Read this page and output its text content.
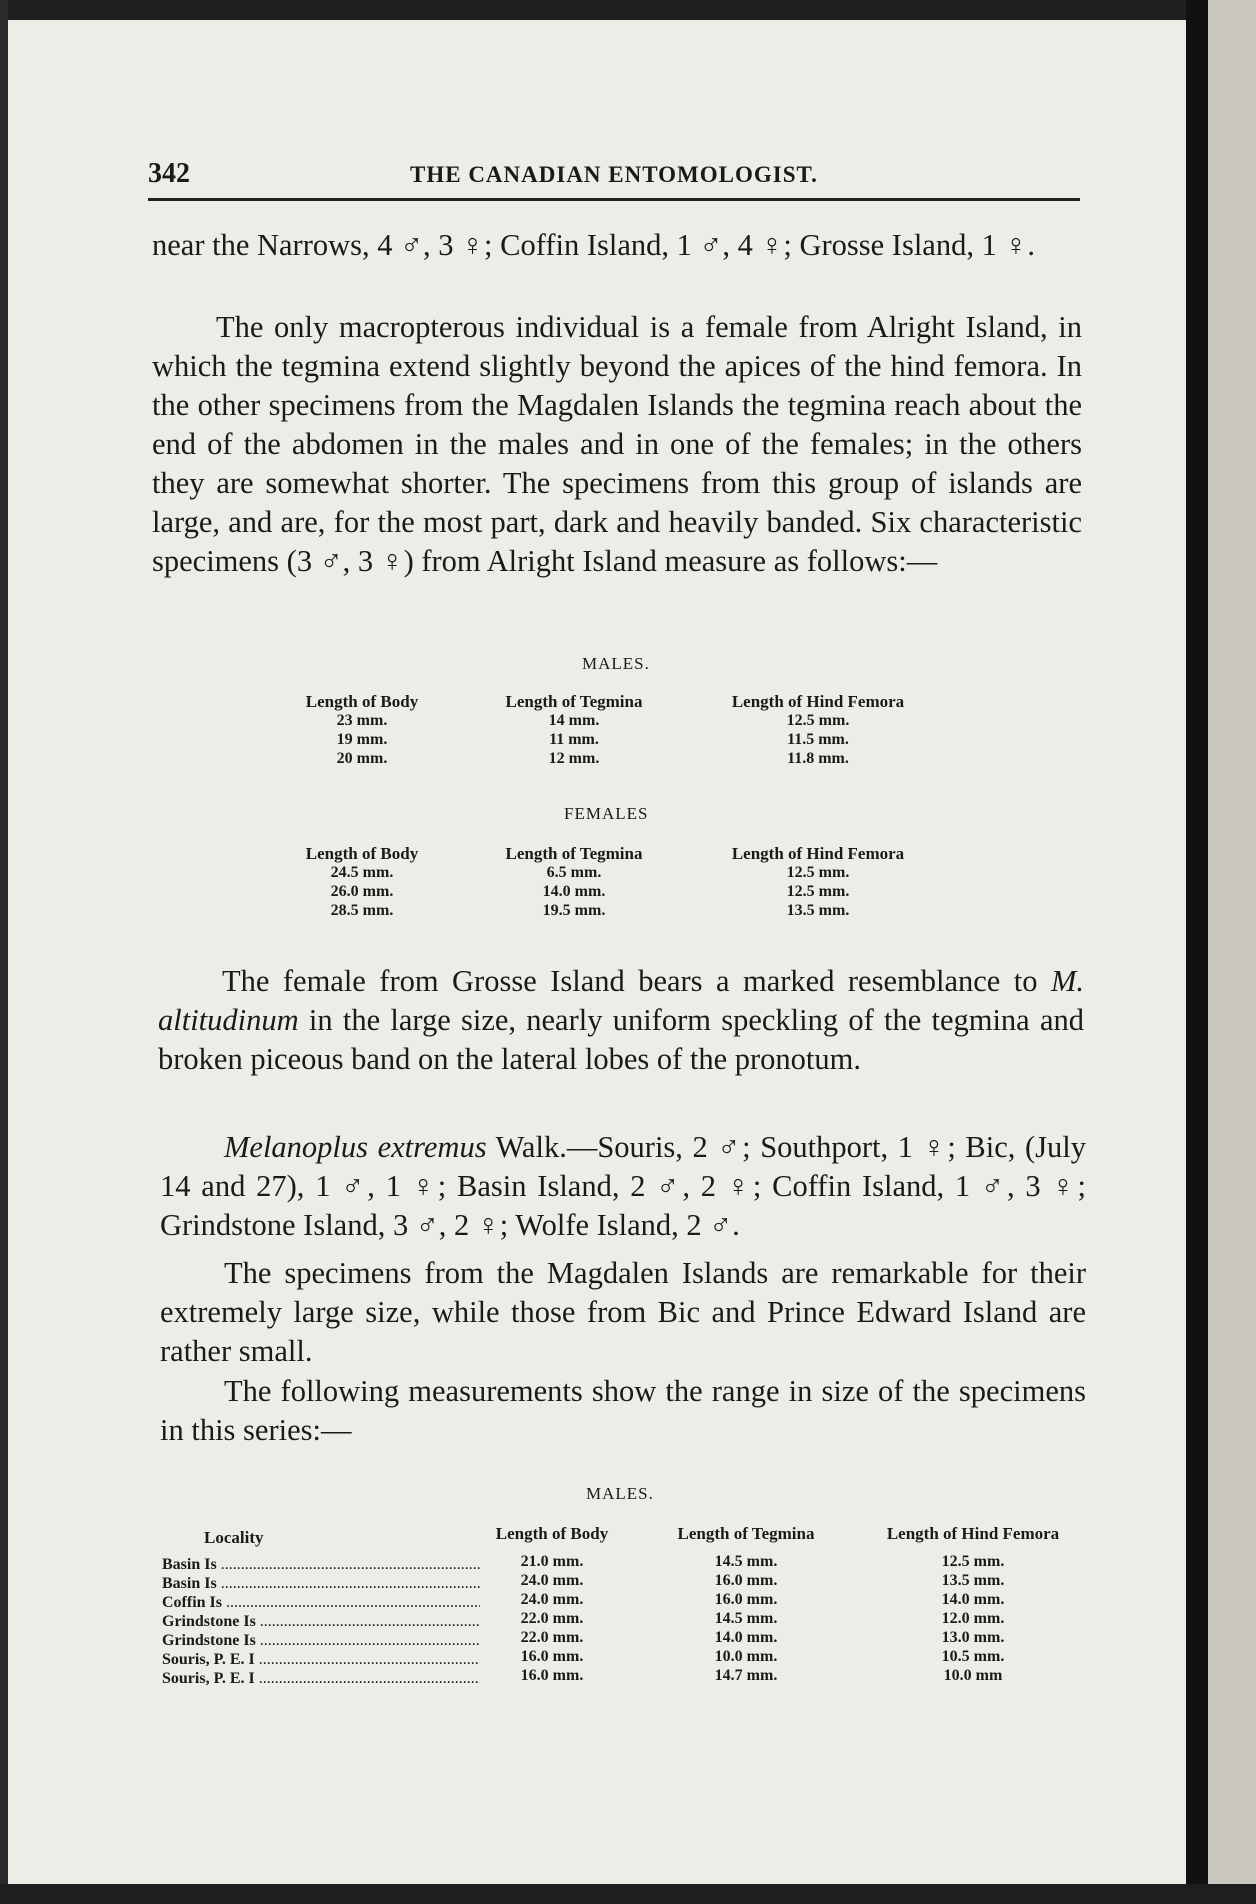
342	THE CANADIAN ENTOMOLOGIST.
near the Narrows, 4 ♂, 3 ♀; Coffin Island, 1 ♂, 4 ♀; Grosse Island, 1 ♀.
The only macropterous individual is a female from Alright Island, in which the tegmina extend slightly beyond the apices of the hind femora. In the other specimens from the Magdalen Islands the tegmina reach about the end of the abdomen in the males and in one of the females; in the others they are somewhat shorter. The specimens from this group of islands are large, and are, for the most part, dark and heavily banded. Six characteristic specimens (3 ♂, 3 ♀) from Alright Island measure as follows:—
MALES.
Length of Body
23 mm.
19 mm.
20 mm.
Length of Tegmina
14 mm.
11 mm.
12 mm.
Length of Hind Femora
12.5 mm.
11.5 mm.
11.8 mm.
FEMALES
Length of Body
24.5 mm.
26.0 mm.
28.5 mm.
Length of Tegmina
6.5 mm.
14.0 mm.
19.5 mm.
Length of Hind Femora
12.5 mm.
12.5 mm.
13.5 mm.
The female from Grosse Island bears a marked resemblance to M. altitudinum in the large size, nearly uniform speckling of the tegmina and broken piceous band on the lateral lobes of the pronotum.
Melanoplus extremus Walk.—Souris, 2 ♂; Southport, 1 ♀; Bic, (July 14 and 27), 1 ♂, 1 ♀; Basin Island, 2 ♂, 2 ♀; Coffin Island, 1 ♂, 3 ♀; Grindstone Island, 3 ♂, 2 ♀; Wolfe Island, 2 ♂.
The specimens from the Magdalen Islands are remarkable for their extremely large size, while those from Bic and Prince Edward Island are rather small.
The following measurements show the range in size of the specimens in this series:—
MALES.
Locality
Basin Is .....
Basin Is .....
Coffin Is .....
Grindstone Is .....
Grindstone Is .....
Souris, P. E. I .....
Souris, P. E. I .....
Length of Body
21.0 mm.
24.0 mm.
24.0 mm.
22.0 mm.
22.0 mm.
16.0 mm.
16.0 mm.
Length of Tegmina
14.5 mm.
16.0 mm.
16.0 mm.
14.5 mm.
14.0 mm.
10.0 mm.
14.7 mm.
Length of Hind Femora
12.5 mm.
13.5 mm.
14.0 mm.
12.0 mm.
13.0 mm.
10.5 mm.
10.0 mm
